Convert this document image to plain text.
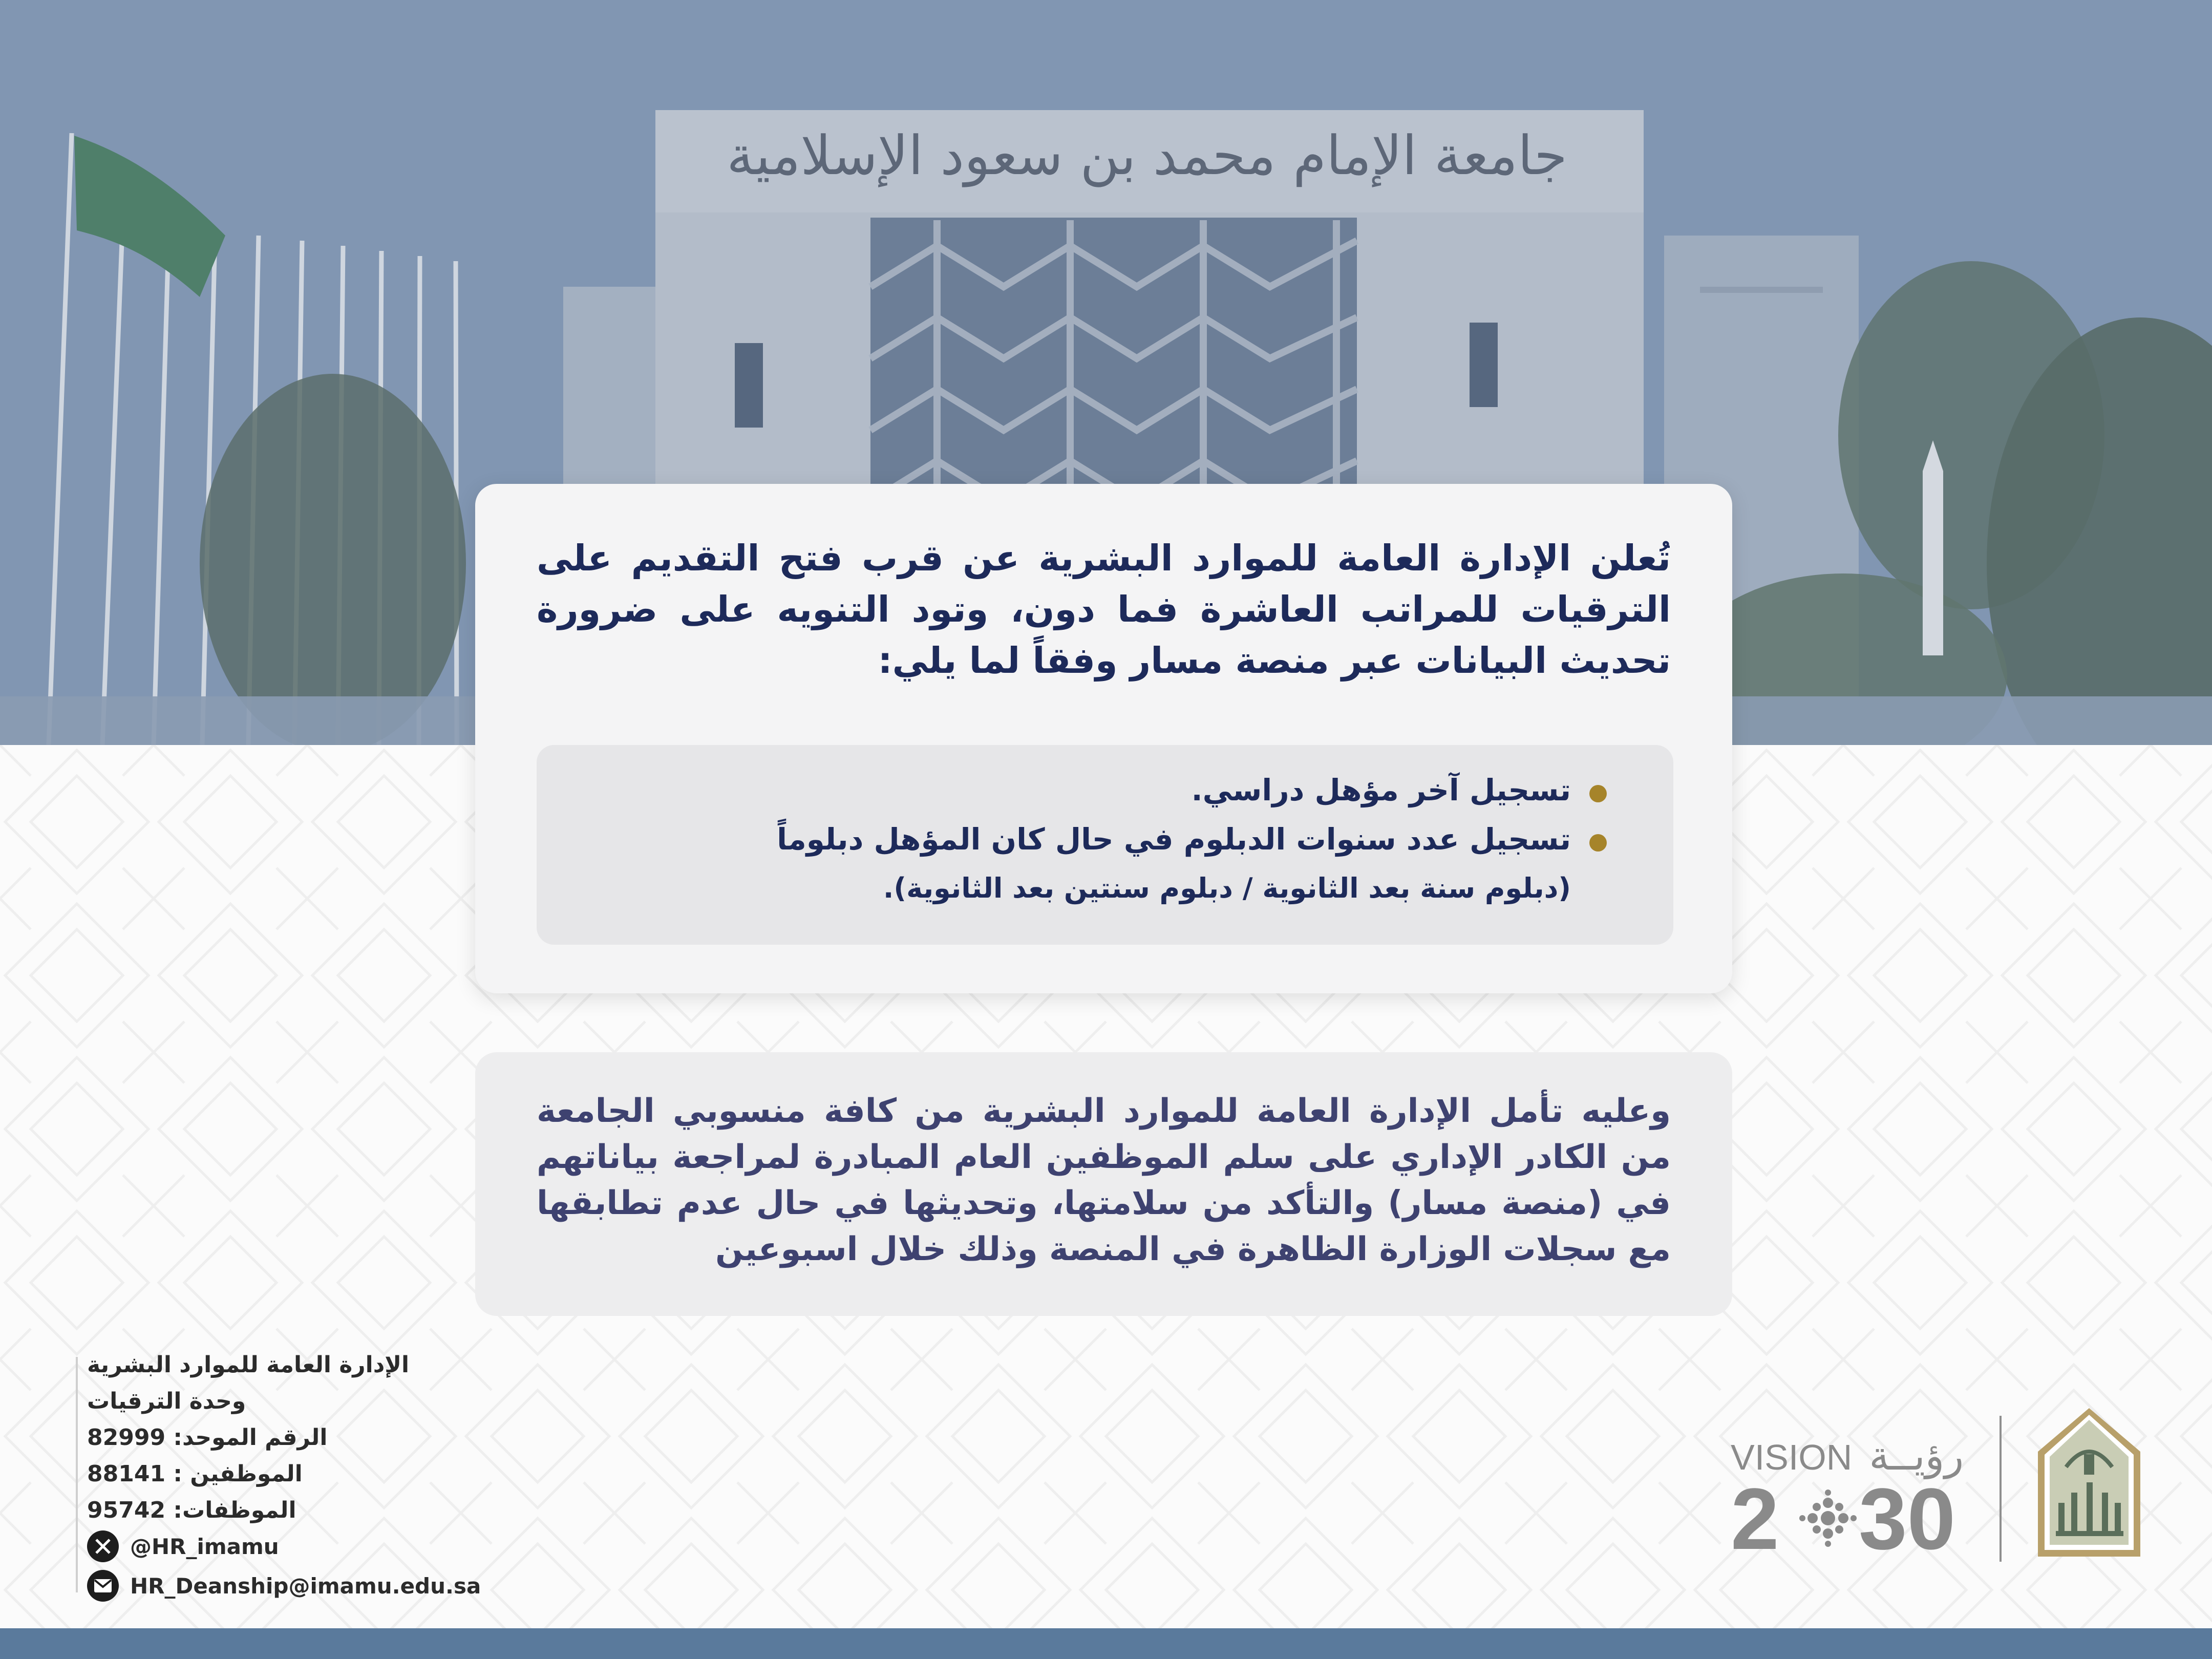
جامعة الإمام محمد بن سعود الإسلامية
تُعلن الإدارة العامة للموارد البشرية عن قرب فتح التقديم على الترقيات للمراتب العاشرة فما دون، وتود التنويه على ضرورة تحديث البيانات عبر منصة مسار وفقاً لما يلي:
تسجيل آخر مؤهل دراسي.
تسجيل عدد سنوات الدبلوم في حال كان المؤهل دبلوماً
(دبلوم سنة بعد الثانوية / دبلوم سنتين بعد الثانوية).
وعليه تأمل الإدارة العامة للموارد البشرية من كافة منسوبي الجامعة من الكادر الإداري على سلم الموظفين العام المبادرة لمراجعة بياناتهم في (منصة مسار) والتأكد من سلامتها، وتحديثها في حال عدم تطابقها مع سجلات الوزارة الظاهرة في المنصة وذلك خلال اسبوعين
الإدارة العامة للموارد البشرية
وحدة الترقيات
الرقم الموحد: 82999
الموظفين : 88141
الموظفات: 95742
@HR_imamu
HR_Deanship@imamu.edu.sa
VISION رؤيــة
2 30
